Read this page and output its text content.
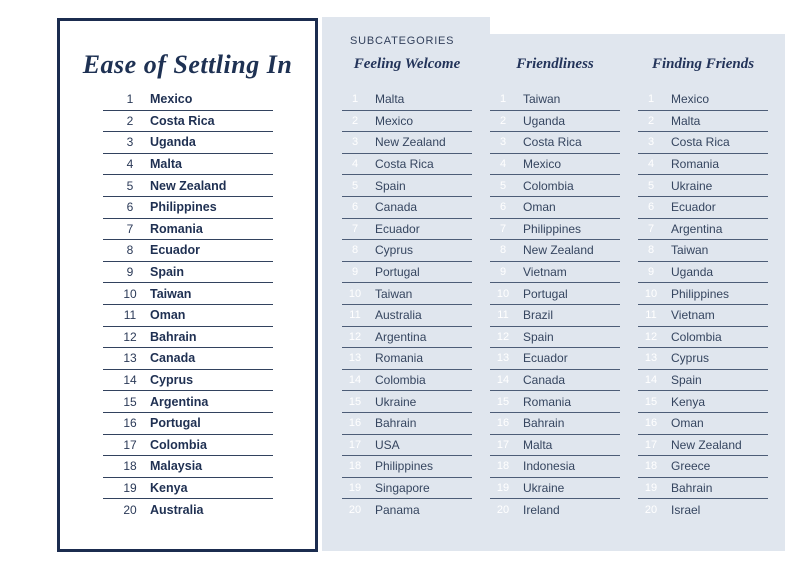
SUBCATEGORIES
Ease of Settling In
1	Mexico
2	Costa Rica
3	Uganda
4	Malta
5	New Zealand
6	Philippines
7	Romania
8	Ecuador
9	Spain
10	Taiwan
11	Oman
12	Bahrain
13	Canada
14	Cyprus
15	Argentina
16	Portugal
17	Colombia
18	Malaysia
19	Kenya
20	Australia
Feeling Welcome	Friendliness	Finding Friends
1	Malta
2	Mexico
3	New Zealand
4	Costa Rica
5	Spain
6	Canada
7	Ecuador
8	Cyprus
9	Portugal
10	Taiwan
11	Australia
12	Argentina
13	Romania
14	Colombia
15	Ukraine
16	Bahrain
17	USA
18	Philippines
19	Singapore
20	Panama
1	Taiwan
2	Uganda
3	Costa Rica
4	Mexico
5	Colombia
6	Oman
7	Philippines
8	New Zealand
9	Vietnam
10	Portugal
11	Brazil
12	Spain
13	Ecuador
14	Canada
15	Romania
16	Bahrain
17	Malta
18	Indonesia
19	Ukraine
20	Ireland
1	Mexico
2	Malta
3	Costa Rica
4	Romania
5	Ukraine
6	Ecuador
7	Argentina
8	Taiwan
9	Uganda
10	Philippines
11	Vietnam
12	Colombia
13	Cyprus
14	Spain
15	Kenya
16	Oman
17	New Zealand
18	Greece
19	Bahrain
20	Israel
